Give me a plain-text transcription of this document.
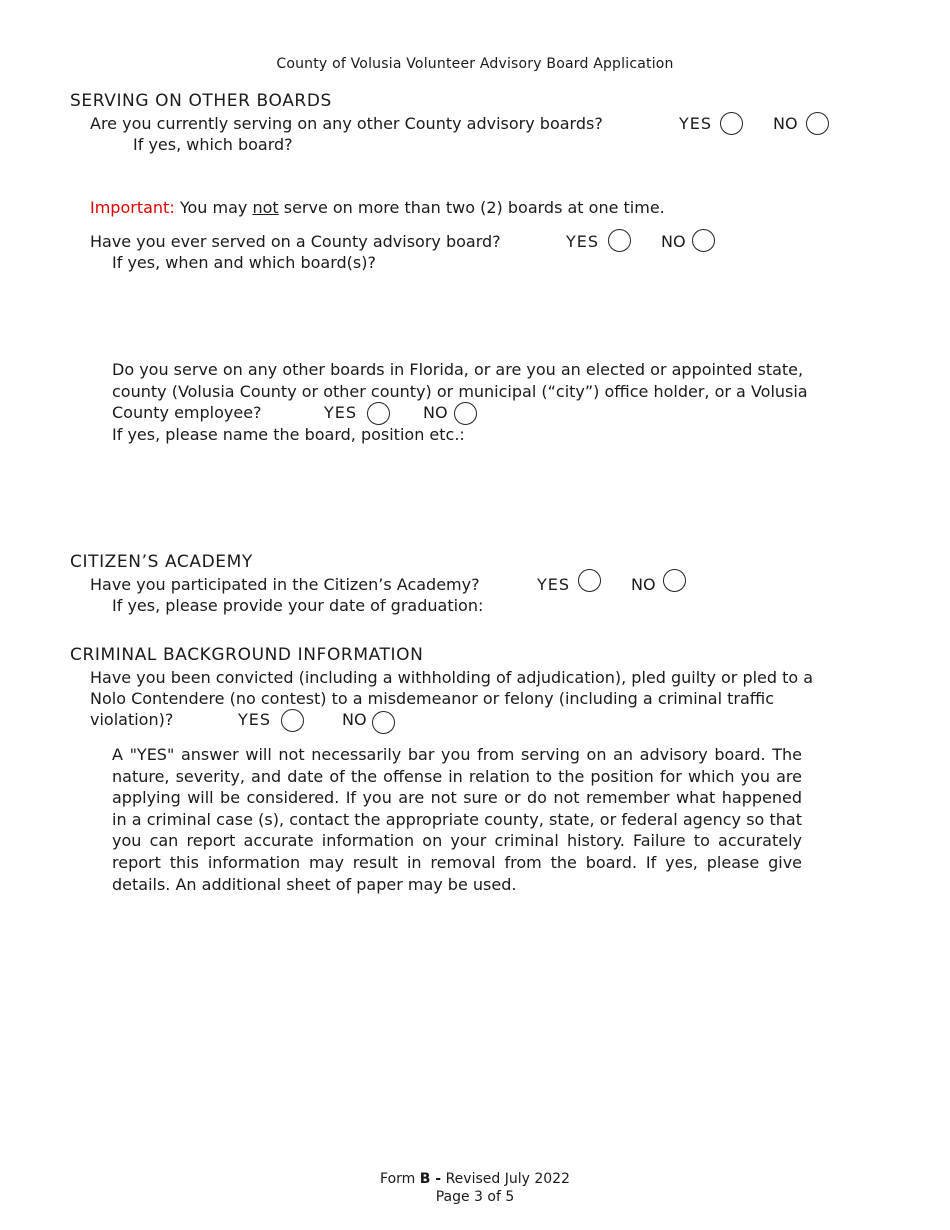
County of Volusia Volunteer Advisory Board Application
SERVING ON OTHER BOARDS
Are you currently serving on any other County advisory boards?	YES	NO
If yes, which board?
Important: You may not serve on more than two (2) boards at one time.
Have you ever served on a County advisory board?	YES	NO
If yes, when and which board(s)?
Do you serve on any other boards in Florida, or are you an elected or appointed state,
county (Volusia County or other county) or municipal (“city”) office holder, or a Volusia
County employee?	YES	NO
If yes, please name the board, position etc.:
CITIZEN’S ACADEMY
Have you participated in the Citizen’s Academy?	YES	NO
If yes, please provide your date of graduation:
CRIMINAL BACKGROUND INFORMATION
Have you been convicted (including a withholding of adjudication), pled guilty or pled to a
Nolo Contendere (no contest) to a misdemeanor or felony (including a criminal traffic
violation)?	YES	NO
A "YES" answer will not necessarily bar you from serving on an advisory board. The nature, severity, and date of the offense in relation to the position for which you are applying will be considered. If you are not sure or do not remember what happened in a criminal case (s), contact the appropriate county, state, or federal agency so that you can report accurate information on your criminal history. Failure to accurately report this information may result in removal from the board. If yes, please give details. An additional sheet of paper may be used.
Form B - Revised July 2022
Page 3 of 5
